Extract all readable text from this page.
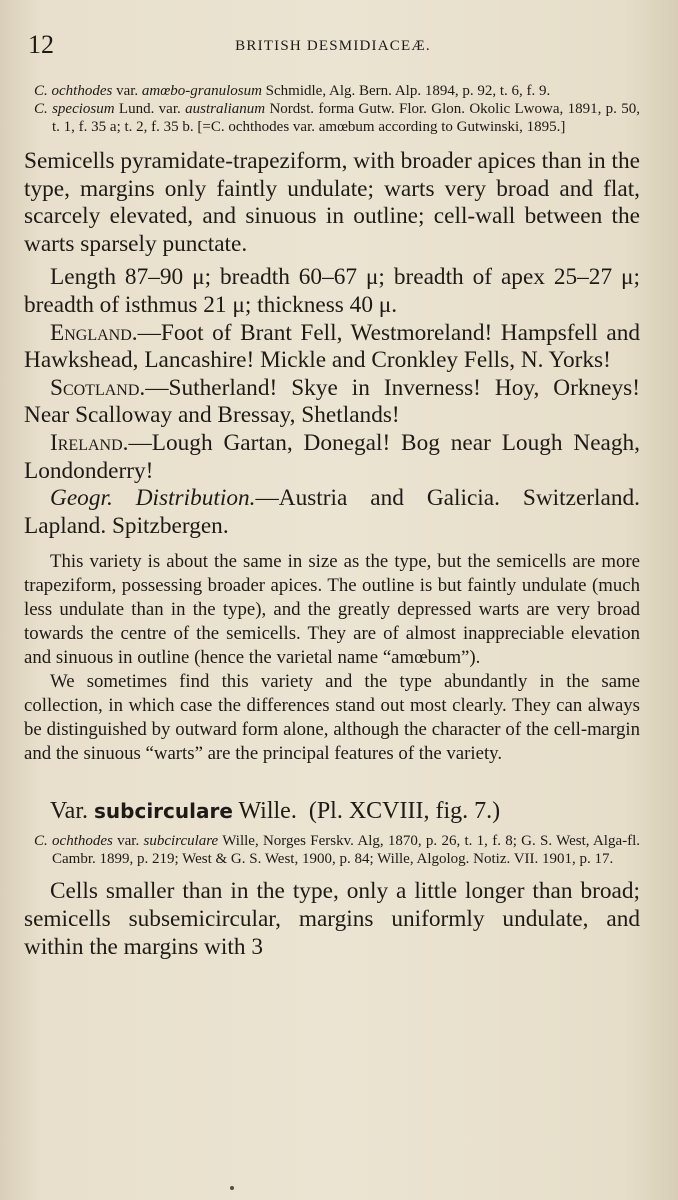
12	BRITISH DESMIDIACEÆ.

C. ochthodes var. amœbo-granulosum Schmidle, Alg. Bern. Alp. 1894, p. 92, t. 6, f. 9.

C. speciosum Lund. var. australianum Nordst. forma Gutw. Flor. Glon. Okolic Lwowa, 1891, p. 50, t. 1, f. 35 a; t. 2, f. 35 b. [=C. ochthodes var. amœbum according to Gutwinski, 1895.]

Semicells pyramidate-trapeziform, with broader apices than in the type, margins only faintly undulate; warts very broad and flat, scarcely elevated, and sinuous in outline; cell-wall between the warts sparsely punctate.

Length 87–90 μ; breadth 60–67 μ; breadth of apex 25–27 μ; breadth of isthmus 21 μ; thickness 40 μ.

England.—Foot of Brant Fell, Westmoreland! Hampsfell and Hawkshead, Lancashire! Mickle and Cronkley Fells, N. Yorks!

Scotland.—Sutherland! Skye in Inverness! Hoy, Orkneys! Near Scalloway and Bressay, Shetlands!

Ireland.—Lough Gartan, Donegal! Bog near Lough Neagh, Londonderry!

Geogr. Distribution.—Austria and Galicia. Switzerland. Lapland. Spitzbergen.

This variety is about the same in size as the type, but the semicells are more trapeziform, possessing broader apices. The outline is but faintly undulate (much less undulate than in the type), and the greatly depressed warts are very broad towards the centre of the semicells. They are of almost inappreciable elevation and sinuous in outline (hence the varietal name “amœbum”).

We sometimes find this variety and the type abundantly in the same collection, in which case the differences stand out most clearly. They can always be distinguished by outward form alone, although the character of the cell-margin and the sinuous “warts” are the principal features of the variety.

Var. subcirculare Wille. (Pl. XCVIII, fig. 7.)

C. ochthodes var. subcirculare Wille, Norges Ferskv. Alg, 1870, p. 26, t. 1, f. 8; G. S. West, Alga-fl. Cambr. 1899, p. 219; West & G. S. West, 1900, p. 84; Wille, Algolog. Notiz. VII. 1901, p. 17.

Cells smaller than in the type, only a little longer than broad; semicells subsemicircular, margins uniformly undulate, and within the margins with 3
